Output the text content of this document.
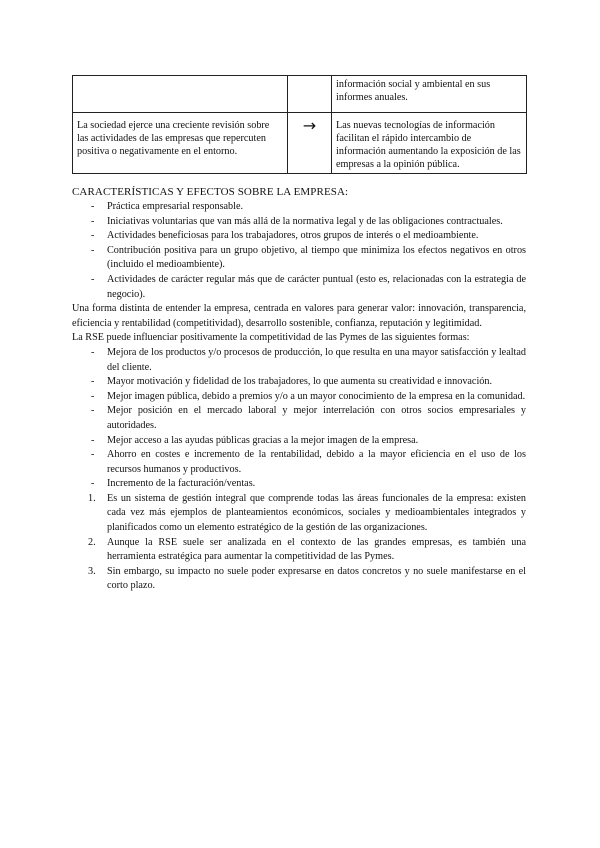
		información social y ambiental en sus informes anuales.
La sociedad ejerce una creciente revisión sobre las actividades de las empresas que repercuten positiva o negativamente en el entorno.	→	Las nuevas tecnologías de información facilitan el rápido intercambio de información aumentando la exposición de las empresas a la opinión pública.
CARACTERÍSTICAS Y EFECTOS SOBRE LA EMPRESA:
- Práctica empresarial responsable.
- Iniciativas voluntarias que van más allá de la normativa legal y de las obligaciones contractuales.
- Actividades beneficiosas para los trabajadores, otros grupos de interés o el medioambiente.
- Contribución positiva para un grupo objetivo, al tiempo que minimiza los efectos negativos en otros (incluido el medioambiente).
- Actividades de carácter regular más que de carácter puntual (esto es, relacionadas con la estrategia de negocio).

Una forma distinta de entender la empresa, centrada en valores para generar valor: innovación, transparencia, eficiencia y rentabilidad (competitividad), desarrollo sostenible, confianza, reputación y legitimidad.

La RSE puede influenciar positivamente la competitividad de las Pymes de las siguientes formas:

- Mejora de los productos y/o procesos de producción, lo que resulta en una mayor satisfacción y lealtad del cliente.
- Mayor motivación y fidelidad de los trabajadores, lo que aumenta su creatividad e innovación.
- Mejor imagen pública, debido a premios y/o a un mayor conocimiento de la empresa en la comunidad.
- Mejor posición en el mercado laboral y mejor interrelación con otros socios empresariales y autoridades.
- Mejor acceso a las ayudas públicas gracias a la mejor imagen de la empresa.
- Ahorro en costes e incremento de la rentabilidad, debido a la mayor eficiencia en el uso de los recursos humanos y productivos.
- Incremento de la facturación/ventas.
1. Es un sistema de gestión integral que comprende todas las áreas funcionales de la empresa: existen cada vez más ejemplos de planteamientos económicos, sociales y medioambientales integrados y planificados como un elemento estratégico de la gestión de las organizaciones.
2. Aunque la RSE suele ser analizada en el contexto de las grandes empresas, es también una herramienta estratégica para aumentar la competitividad de las Pymes.
3. Sin embargo, su impacto no suele poder expresarse en datos concretos y no suele manifestarse en el corto plazo.
